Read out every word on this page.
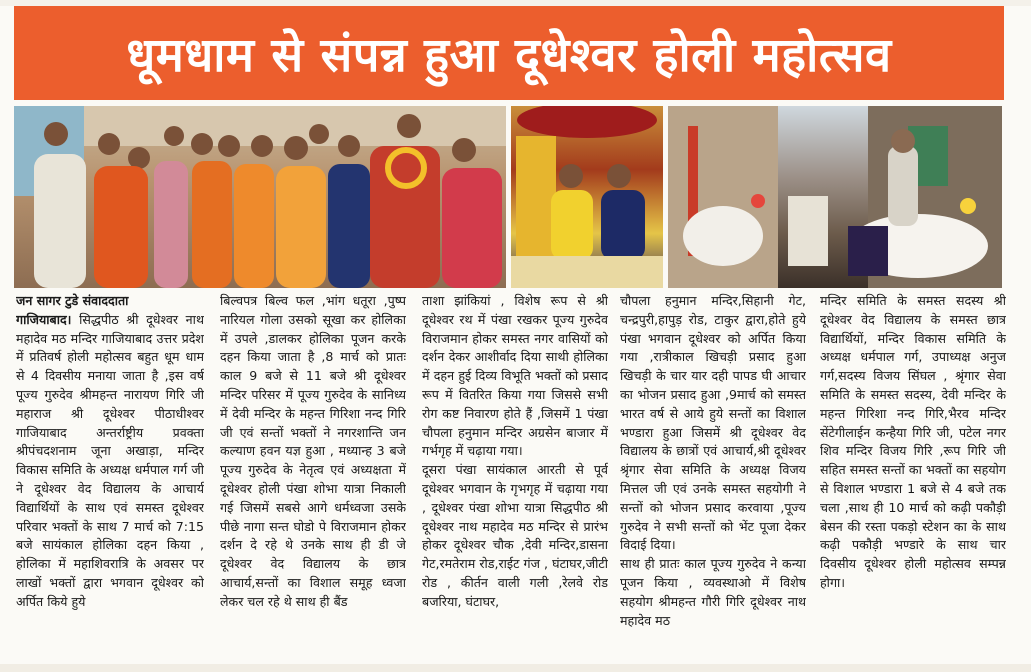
धूमधाम से संपन्न हुआ दूधेश्वर होली महोत्सव

जन सागर टुडे संवाददाता

गाजियाबाद। सिद्धपीठ श्री दूधेश्वर नाथ महादेव मठ मन्दिर गाजियाबाद उत्तर प्रदेश में प्रतिवर्ष होली महोत्सव बहुत धूम धाम से 4 दिवसीय मनाया जाता है ,इस वर्ष पूज्य गुरुदेव श्रीमहन्त नारायण गिरि जी महाराज श्री दूधेश्वर पीठाधीश्वर गाजियाबाद अन्तर्राष्ट्रीय प्रवक्ता श्रीपंचदशनाम जूना अखाड़ा, मन्दिर विकास समिति के अध्यक्ष धर्मपाल गर्ग जी ने दूधेश्वर वेद विद्यालय के आचार्य विद्यार्थियों के साथ एवं समस्त दूधेश्वर परिवार भक्तों के साथ 7 मार्च को 7:15 बजे सायंकाल होलिका दहन किया , होलिका में महाशिवरात्रि के अवसर पर लाखों भक्तों द्वारा भगवान दूधेश्वर को अर्पित किये हुये

बिल्वपत्र बिल्व फल ,भांग धतूरा ,पुष्प नारियल गोला उसको सूखा कर होलिका में उपले ,डालकर होलिका पूजन करके दहन किया जाता है ,8 मार्च को प्रातः काल 9 बजे से 11 बजे श्री दूधेश्वर मन्दिर परिसर में पूज्य गुरुदेव के सानिध्य में देवी मन्दिर के महन्त गिरिशा नन्द गिरि जी एवं सन्तों भक्तों ने नगरशान्ति जन कल्याण हवन यज्ञ हुआ , मध्यान्ह 3 बजे पूज्य गुरुदेव के नेतृत्व एवं अध्यक्षता में दूधेश्वर होली पंखा शोभा यात्रा निकाली गई जिसमें सबसे आगे धर्मध्वजा उसके पीछे नागा सन्त घोडो पे विराजमान होकर दर्शन दे रहे थे उनके साथ ही डी जे दूधेश्वर वेद विद्यालय के छात्र आचार्य,सन्तों का विशाल समूह ध्वजा लेकर चल रहे थे साथ ही बैंड

ताशा झांकियां , विशेष रूप से श्री दूधेश्वर रथ में पंखा रखकर पूज्य गुरुदेव विराजमान होकर समस्त नगर वासियों को दर्शन देकर आशीर्वाद दिया साथी होलिका में दहन हुई दिव्य विभूति भक्तों को प्रसाद रूप में वितरित किया गया जिससे सभी रोग कष्ट निवारण होते हैं ,जिसमें 1 पंखा चौपला हनुमान मन्दिर अग्रसेन बाजार में गर्भगृह में चढ़ाया गया।

दूसरा पंखा सायंकाल आरती से पूर्व दूधेश्वर भगवान के गृभगृह में चढ़ाया गया , दूधेश्वर पंखा शोभा यात्रा सिद्धपीठ श्री दूधेश्वर नाथ महादेव मठ मन्दिर से प्रारंभ होकर दूधेश्वर चौक ,देवी मन्दिर,डासना गेट,रमतेराम रोड,राईट गंज , घंटाघर,जीटी रोड , कीर्तन वाली गली ,रेलवे रोड बजरिया, घंटाघर,

चौपला हनुमान मन्दिर,सिहानी गेट, चन्द्रपुरी,हापुड़ रोड, टाकुर द्वारा,होते हुये पंखा भगवान दूधेश्वर को अर्पित किया गया ,रात्रीकाल खिचड़ी प्रसाद हुआ खिचड़ी के चार यार दही पापड घी आचार का भोजन प्रसाद हुआ ,9मार्च को समस्त भारत वर्ष से आये हुये सन्तों का विशाल भण्डारा हुआ जिसमें श्री दूधेश्वर वेद विद्यालय के छात्रों एवं आचार्य,श्री दूधेश्वर श्रृंगार सेवा समिति के अध्यक्ष विजय मित्तल जी एवं उनके समस्त सहयोगी ने सन्तों को भोजन प्रसाद करवाया ,पूज्य गुरुदेव ने सभी सन्तों को भेंट पूजा देकर विदाई दिया।

साथ ही प्रातः काल पूज्य गुरुदेव ने कन्या पूजन किया , व्यवस्थाओ में विशेष सहयोग श्रीमहन्त गौरी गिरि दूधेश्वर नाथ महादेव मठ

मन्दिर समिति के समस्त सदस्य श्री दूधेश्वर वेद विद्यालय के समस्त छात्र विद्यार्थियों, मन्दिर विकास समिति के अध्यक्ष धर्मपाल गर्ग, उपाध्यक्ष अनुज गर्ग,सदस्य विजय सिंघल , श्रृंगार सेवा समिति के समस्त सदस्य, देवी मन्दिर के महन्त गिरिशा नन्द गिरि,भैरव मन्दिर सेंटेगीलाईन कन्हैया गिरि जी, पटेल नगर शिव मन्दिर विजय गिरि ,रूप गिरि जी सहित समस्त सन्तों का भक्तों का सहयोग से विशाल भण्डारा 1 बजे से 4 बजे तक चला ,साथ ही 10 मार्च को कढ़ी पकौड़ी बेसन की रस्ता पकड़ो स्टेशन का के साथ कढ़ी पकौड़ी भण्डारे के साथ चार दिवसीय दूधेश्वर होली महोत्सव सम्पन्न होगा।
